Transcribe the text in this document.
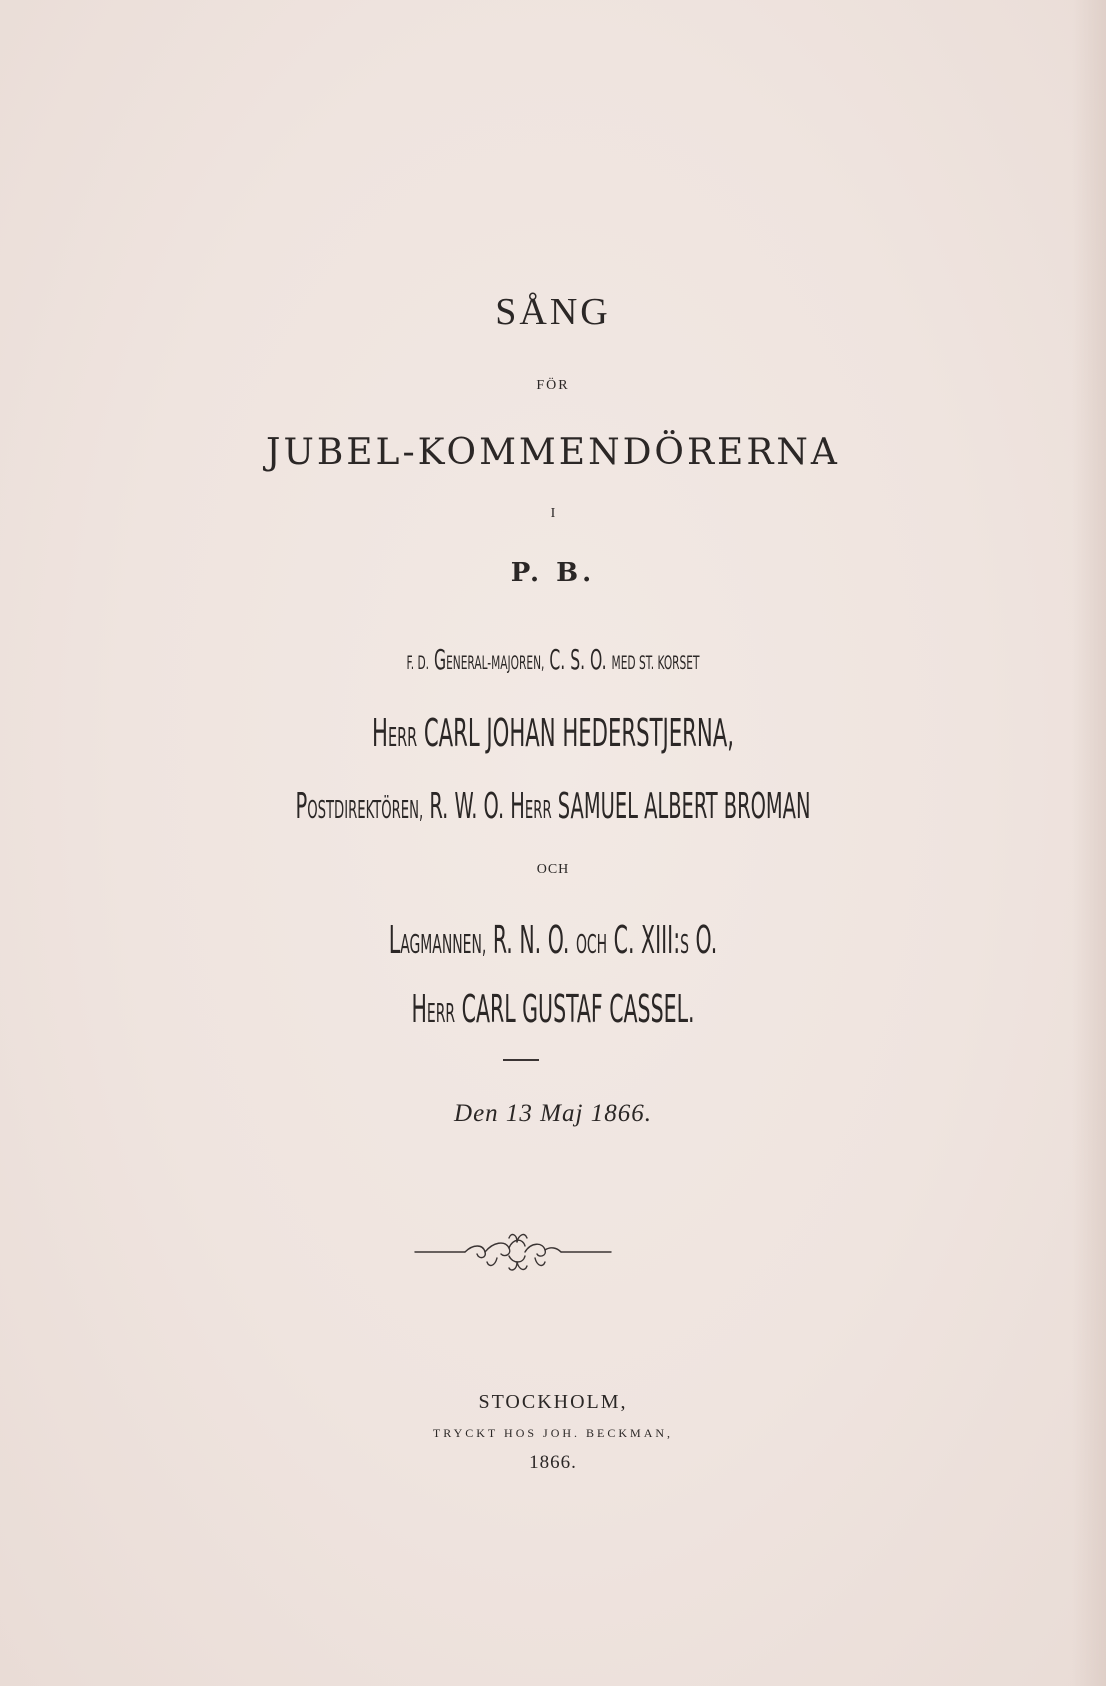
SÅNG
FÖR
JUBEL-KOMMENDÖRERNA
I
P. B.
F. D. GENERAL-MAJOREN, C. S. O. MED ST. KORSET
HERR CARL JOHAN HEDERSTJERNA,
POSTDIREKTÖREN, R. W. O. HERR SAMUEL ALBERT BROMAN
OCH
LAGMANNEN, R. N. O. OCH C. XIII:S O.
HERR CARL GUSTAF CASSEL.
Den 13 Maj 1866.
STOCKHOLM,
TRYCKT HOS JOH. BECKMAN,
1866.
